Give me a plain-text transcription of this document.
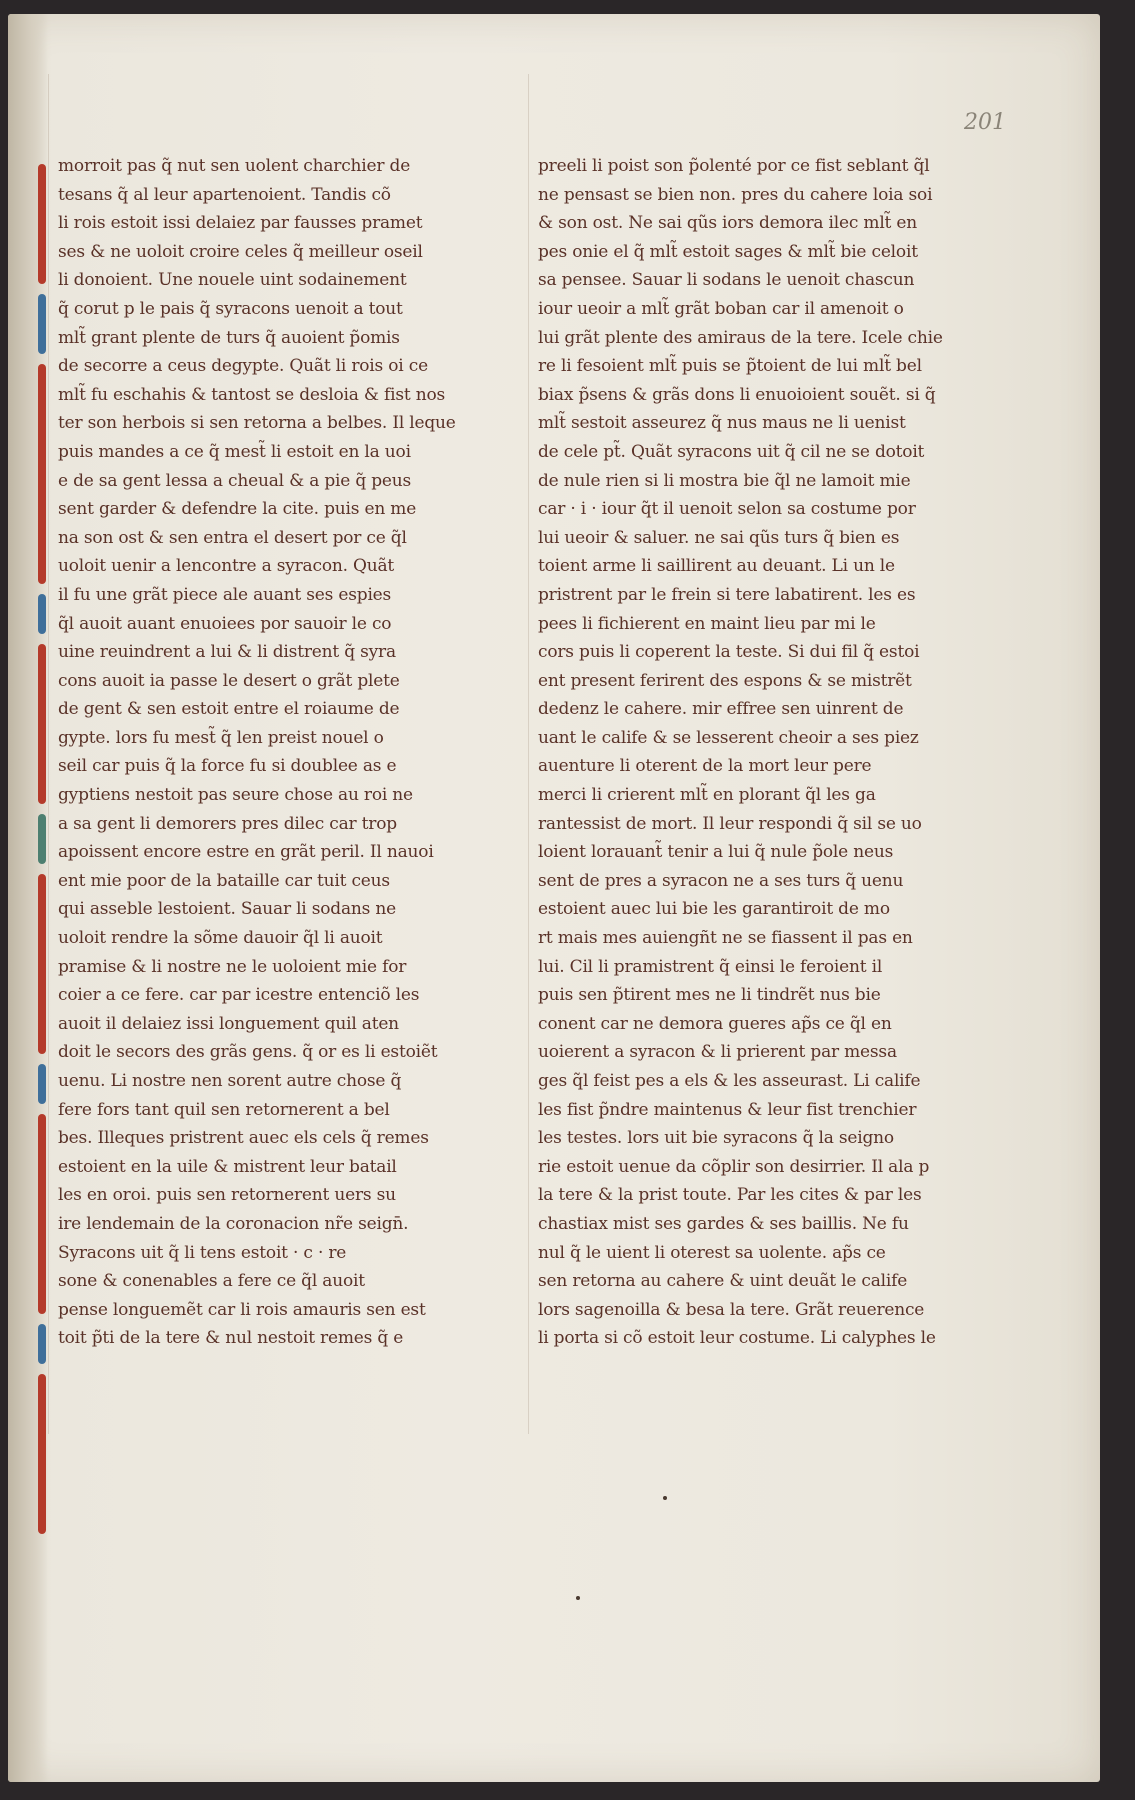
201
morroit pas q̃ nut sen uolent charchier de
tesans q̃ al leur apartenoient. Tandis cõ
li rois estoit issi delaiez par fausses pramet
ses & ne uoloit croire celes q̃ meilleur oseil
li donoient. Une nouele uint sodainement
q̃ corut p le pais q̃ syracons uenoit a tout
mlt̃ grant plente de turs q̃ auoient p̃omis
de secorre a ceus degypte. Quãt li rois oi ce
mlt̃ fu eschahis & tantost se desloia & fist nos
ter son herbois si sen retorna a belbes. Il leque
puis mandes a ce q̃ mest̃ li estoit en la uoi
e de sa gent lessa a cheual & a pie q̃ peus
sent garder & defendre la cite. puis en me
na son ost & sen entra el desert por ce q̃l
uoloit uenir a lencontre a syracon. Quãt
il fu une grãt piece ale auant ses espies
q̃l auoit auant enuoiees por sauoir le co
uine reuindrent a lui & li distrent q̃ syra
cons auoit ia passe le desert o grãt plete
de gent & sen estoit entre el roiaume de
gypte. lors fu mest̃ q̃ len preist nouel o
seil car puis q̃ la force fu si doublee as e
gyptiens nestoit pas seure chose au roi ne
a sa gent li demorers pres dilec car trop
apoissent encore estre en grãt peril. Il nauoi
ent mie poor de la bataille car tuit ceus
qui asseble lestoient. Sauar li sodans ne
uoloit rendre la sõme dauoir q̃l li auoit
pramise & li nostre ne le uoloient mie for
coier a ce fere. car par icestre entenciõ les
auoit il delaiez issi longuement quil aten
doit le secors des grãs gens. q̃ or es li estoiẽt
uenu. Li nostre nen sorent autre chose q̃
fere fors tant quil sen retornerent a bel
bes. Illeques pristrent auec els cels q̃ remes
estoient en la uile & mistrent leur batail
les en oroi. puis sen retornerent uers su
ire lendemain de la coronacion nr̃e seign̄.
Syracons uit q̃ li tens estoit · c · re
sone & conenables a fere ce q̃l auoit
pense longuemẽt car li rois amauris sen est
toit p̃ti de la tere & nul nestoit remes q̃ e
preeli li poist son p̃olenté por ce fist seblant q̃l
ne pensast se bien non. pres du cahere loia soi
& son ost. Ne sai qũs iors demora ilec mlt̃ en
pes onie el q̃ mlt̃ estoit sages & mlt̃ bie celoit
sa pensee. Sauar li sodans le uenoit chascun
iour ueoir a mlt̃ grãt boban car il amenoit o
lui grãt plente des amiraus de la tere. Icele chie
re li fesoient mlt̃ puis se p̃toient de lui mlt̃ bel
biax p̃sens & grãs dons li enuoioient souẽt. si q̃
mlt̃ sestoit asseurez q̃ nus maus ne li uenist
de cele pt̃. Quãt syracons uit q̃ cil ne se dotoit
de nule rien si li mostra bie q̃l ne lamoit mie
car · i · iour q̃t il uenoit selon sa costume por
lui ueoir & saluer. ne sai qũs turs q̃ bien es
toient arme li saillirent au deuant. Li un le
pristrent par le frein si tere labatirent. les es
pees li fichierent en maint lieu par mi le
cors puis li coperent la teste. Si dui fil q̃ estoi
ent present ferirent des espons & se mistrẽt
dedenz le cahere. mir effree sen uinrent de
uant le calife & se lesserent cheoir a ses piez
auenture li oterent de la mort leur pere
merci li crierent mlt̃ en plorant q̃l les ga
rantessist de mort. Il leur respondi q̃ sil se uo
loient lorauant̃ tenir a lui q̃ nule p̃ole neus
sent de pres a syracon ne a ses turs q̃ uenu
estoient auec lui bie les garantiroit de mo
rt mais mes auiengñt ne se fiassent il pas en
lui. Cil li pramistrent q̃ einsi le feroient il
puis sen p̃tirent mes ne li tindrẽt nus bie
conent car ne demora gueres ap̃s ce q̃l en
uoierent a syracon & li prierent par messa
ges q̃l feist pes a els & les asseurast. Li calife
les fist p̃ndre maintenus & leur fist trenchier
les testes. lors uit bie syracons q̃ la seigno
rie estoit uenue da cõplir son desirrier. Il ala p
la tere & la prist toute. Par les cites & par les
chastiax mist ses gardes & ses baillis. Ne fu
nul q̃ le uient li oterest sa uolente. ap̃s ce
sen retorna au cahere & uint deuãt le calife
lors sagenoilla & besa la tere. Grãt reuerence
li porta si cõ estoit leur costume. Li calyphes le
